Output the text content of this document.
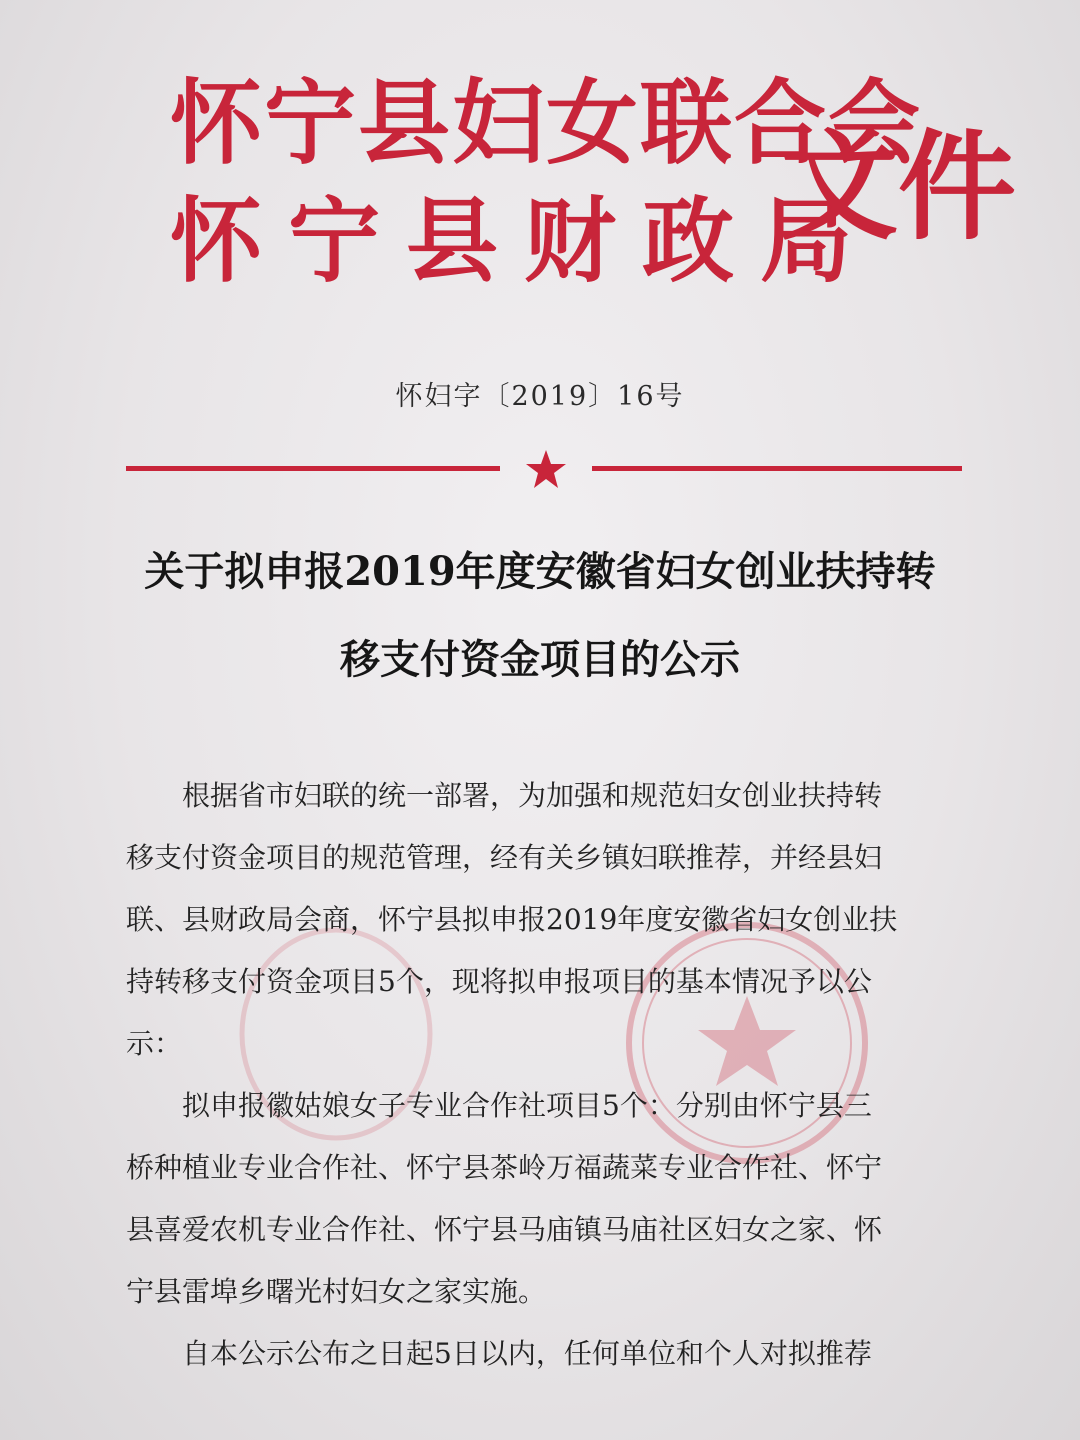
怀宁县妇女联合会
怀宁县财政局
文件
怀妇字〔2019〕16号
关于拟申报2019年度安徽省妇女创业扶持转
移支付资金项目的公示
　　根据省市妇联的统一部署，为加强和规范妇女创业扶持转
移支付资金项目的规范管理，经有关乡镇妇联推荐，并经县妇
联、县财政局会商，怀宁县拟申报2019年度安徽省妇女创业扶
持转移支付资金项目5个，现将拟申报项目的基本情况予以公
示：
　　拟申报徽姑娘女子专业合作社项目5个：分别由怀宁县三
桥种植业专业合作社、怀宁县茶岭万福蔬菜专业合作社、怀宁
县喜爱农机专业合作社、怀宁县马庙镇马庙社区妇女之家、怀
宁县雷埠乡曙光村妇女之家实施。
　　自本公示公布之日起5日以内，任何单位和个人对拟推荐
